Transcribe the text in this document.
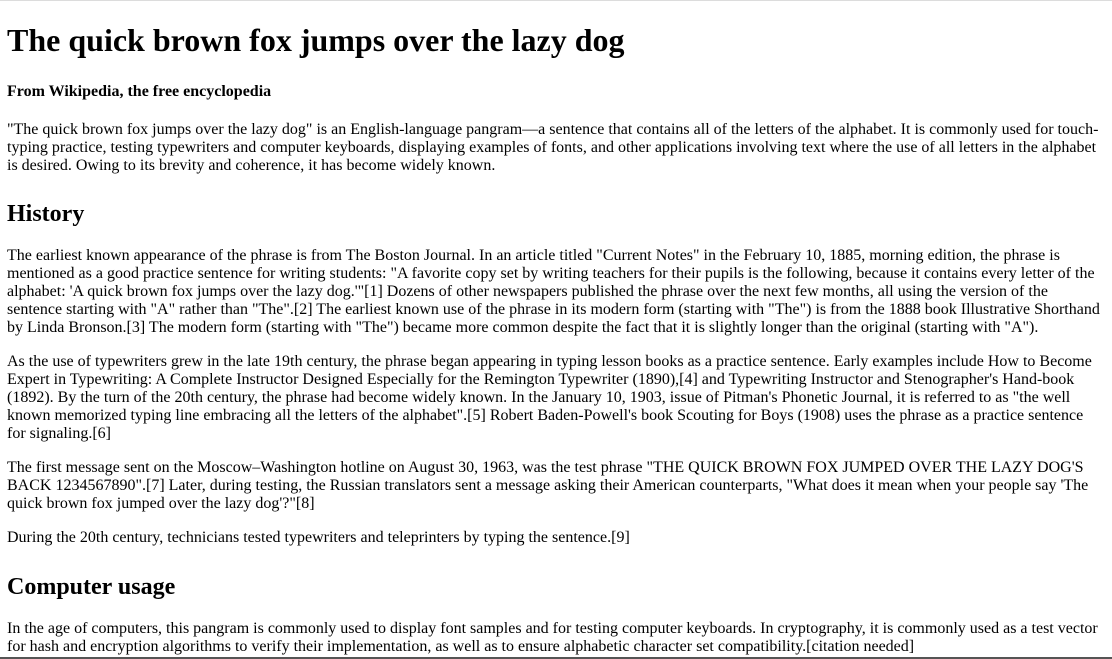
The quick brown fox jumps over the lazy dog
From Wikipedia, the free encyclopedia

"The quick brown fox jumps over the lazy dog" is an English-language pangram—a sentence that contains all of the letters of the alphabet. It is commonly used for touch-typing practice, testing typewriters and computer keyboards, displaying examples of fonts, and other applications involving text where the use of all letters in the alphabet is desired. Owing to its brevity and coherence, it has become widely known.

History

The earliest known appearance of the phrase is from The Boston Journal. In an article titled "Current Notes" in the February 10, 1885, morning edition, the phrase is mentioned as a good practice sentence for writing students: "A favorite copy set by writing teachers for their pupils is the following, because it contains every letter of the alphabet: 'A quick brown fox jumps over the lazy dog.'"[1] Dozens of other newspapers published the phrase over the next few months, all using the version of the sentence starting with "A" rather than "The".[2] The earliest known use of the phrase in its modern form (starting with "The") is from the 1888 book Illustrative Shorthand by Linda Bronson.[3] The modern form (starting with "The") became more common despite the fact that it is slightly longer than the original (starting with "A").

As the use of typewriters grew in the late 19th century, the phrase began appearing in typing lesson books as a practice sentence. Early examples include How to Become Expert in Typewriting: A Complete Instructor Designed Especially for the Remington Typewriter (1890),[4] and Typewriting Instructor and Stenographer's Hand-book (1892). By the turn of the 20th century, the phrase had become widely known. In the January 10, 1903, issue of Pitman's Phonetic Journal, it is referred to as "the well known memorized typing line embracing all the letters of the alphabet".[5] Robert Baden-Powell's book Scouting for Boys (1908) uses the phrase as a practice sentence for signaling.[6]

The first message sent on the Moscow–Washington hotline on August 30, 1963, was the test phrase "THE QUICK BROWN FOX JUMPED OVER THE LAZY DOG'S BACK 1234567890".[7] Later, during testing, the Russian translators sent a message asking their American counterparts, "What does it mean when your people say 'The quick brown fox jumped over the lazy dog'?"[8]

During the 20th century, technicians tested typewriters and teleprinters by typing the sentence.[9]

Computer usage

In the age of computers, this pangram is commonly used to display font samples and for testing computer keyboards. In cryptography, it is commonly used as a test vector for hash and encryption algorithms to verify their implementation, as well as to ensure alphabetic character set compatibility.[citation needed]
